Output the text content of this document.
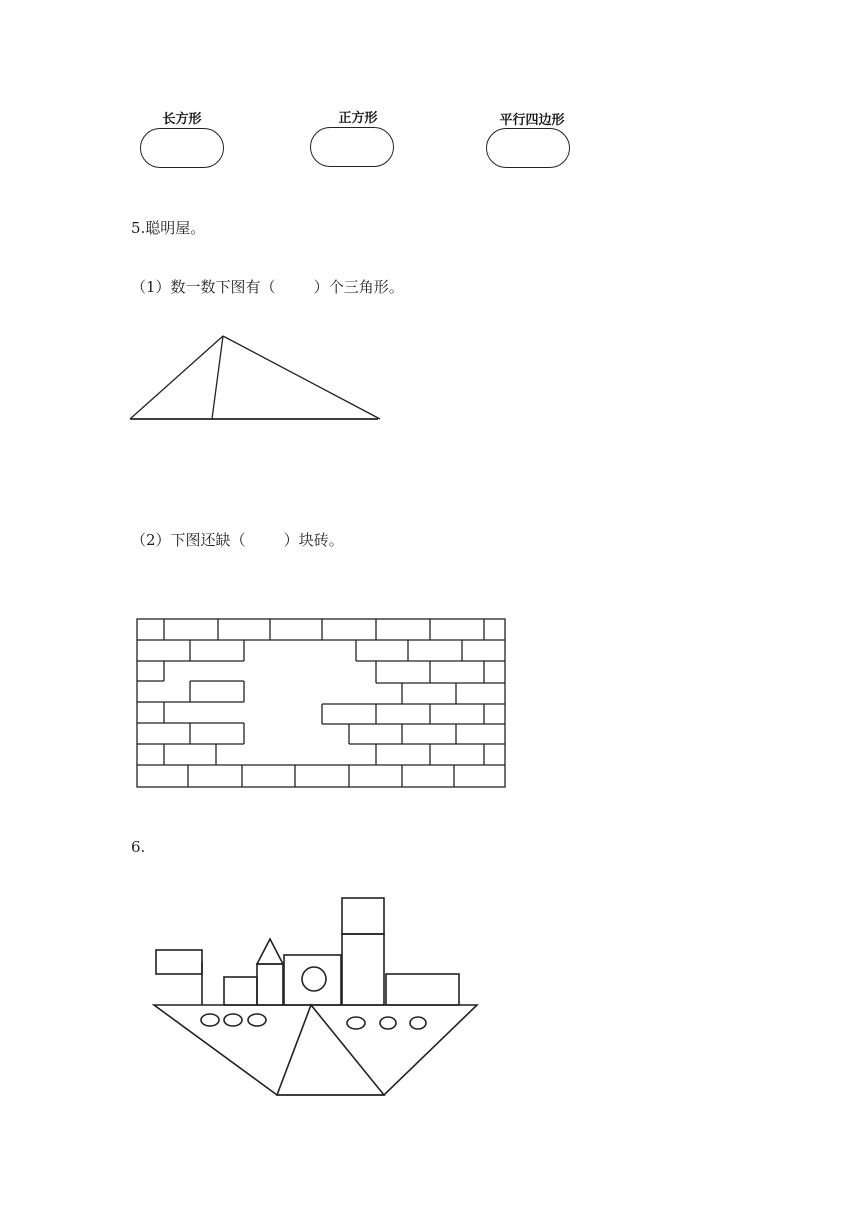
长方形	正方形	平行四边形
5.聪明屋。
（1）数一数下图有（        ）个三角形。
（2）下图还缺（        ）块砖。
6.
